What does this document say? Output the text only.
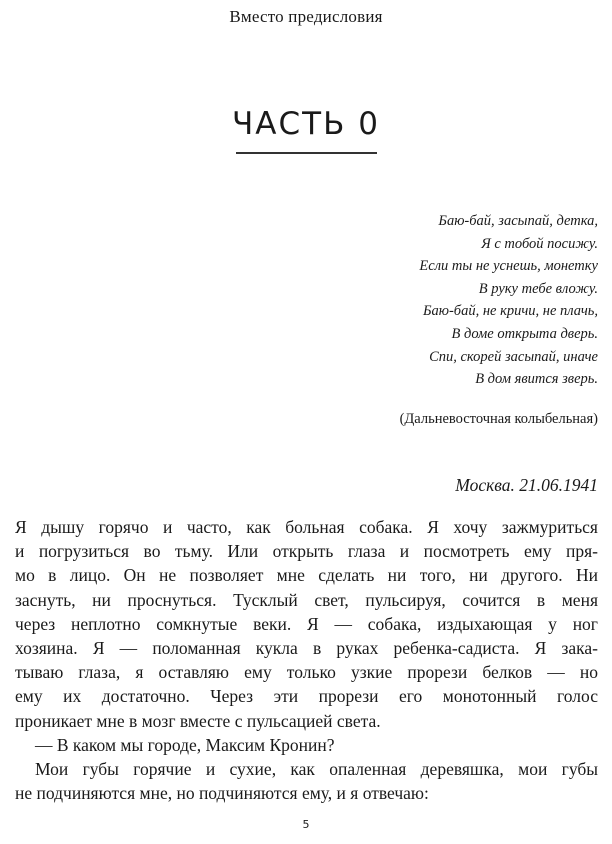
Вместо предисловия
ЧАСТЬ 0
Баю-бай, засыпай, детка,
Я с тобой посижу.
Если ты не уснешь, монетку
В руку тебе вложу.
Баю-бай, не кричи, не плачь,
В доме открыта дверь.
Спи, скорей засыпай, иначе
В дом явится зверь.
(Дальневосточная колыбельная)
Москва. 21.06.1941
Я дышу горячо и часто, как больная собака. Я хочу зажмуриться
и погрузиться во тьму. Или открыть глаза и посмотреть ему пря-
мо в лицо. Он не позволяет мне сделать ни того, ни другого. Ни
заснуть, ни проснуться. Тусклый свет, пульсируя, сочится в меня
через неплотно сомкнутые веки. Я — собака, издыхающая у ног
хозяина. Я — поломанная кукла в руках ребенка-садиста. Я зака-
тываю глаза, я оставляю ему только узкие прорези белков — но
ему их достаточно. Через эти прорези его монотонный голос
проникает мне в мозг вместе с пульсацией света.
— В каком мы городе, Максим Кронин?
Мои губы горячие и сухие, как опаленная деревяшка, мои губы
не подчиняются мне, но подчиняются ему, и я отвечаю:
5
